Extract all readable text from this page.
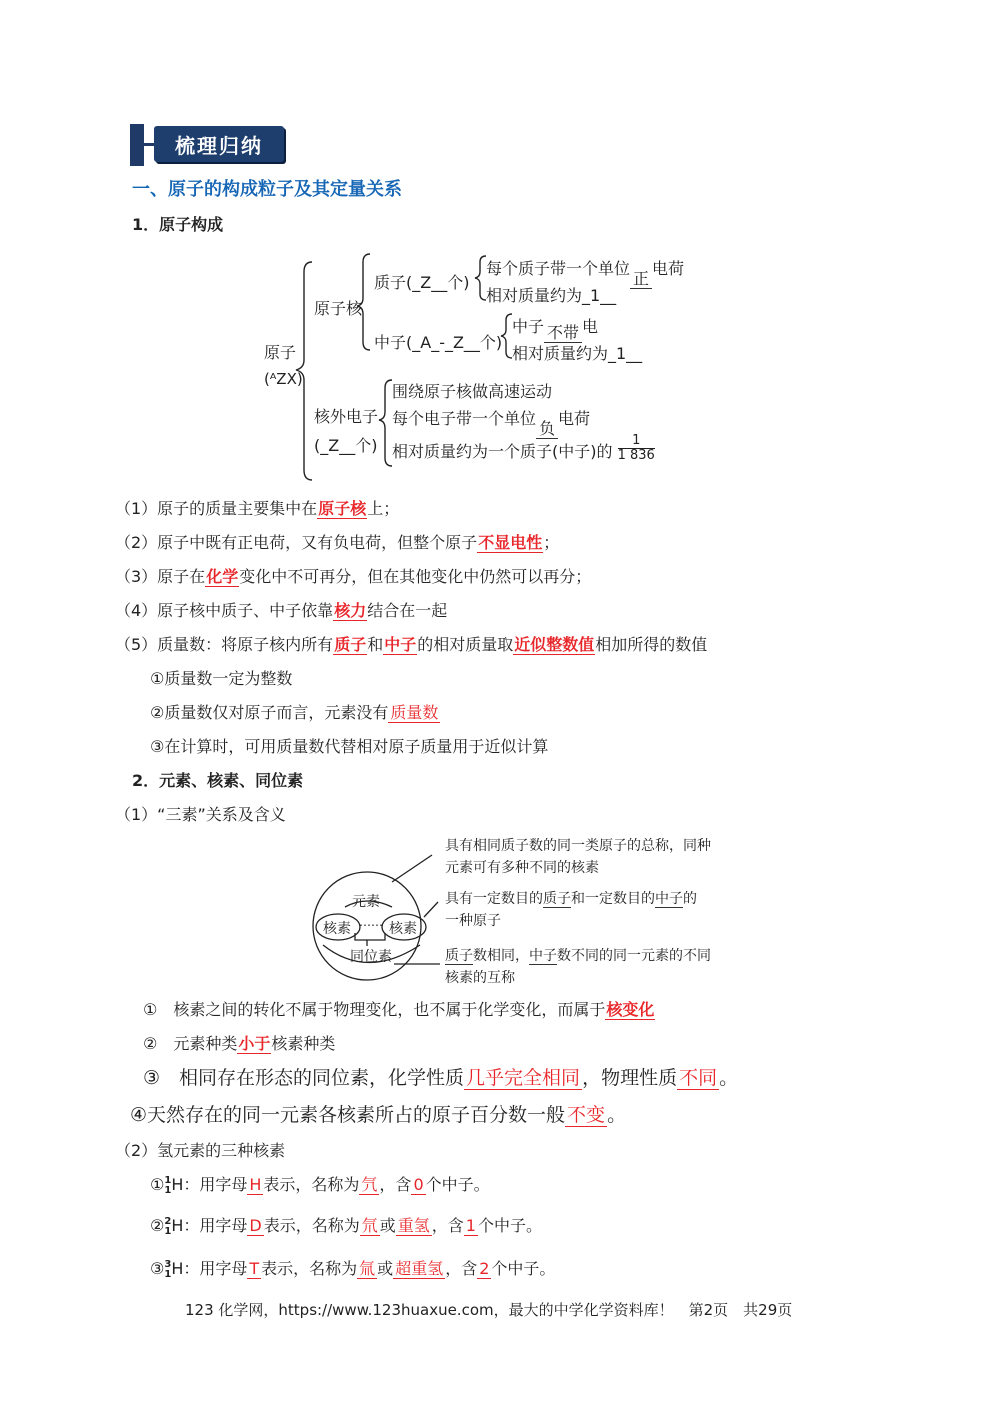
梳理归纳
一、原子的构成粒子及其定量关系
1．原子构成
原子
(ᴬZX)
原子核
质子(_Z__个)
每个质子带一个单位正电荷
相对质量约为_1__
中子(_A_-_Z__个)
中子 不带 电
相对质量约为_1__
核外电子
(_Z__个)
围绕原子核做高速运动
每个电子带一个单位负电荷
相对质量约为一个质子(中子)的 $\frac{1}{1 836}$
（1）原子的质量主要集中在原子核上；
（2）原子中既有正电荷，又有负电荷，但整个原子不显电性；
（3）原子在化学变化中不可再分，但在其他变化中仍然可以再分；
（4）原子核中质子、中子依靠核力结合在一起
（5）质量数：将原子核内所有质子和中子的相对质量取近似整数值相加所得的数值
①质量数一定为整数
②质量数仅对原子而言，元素没有 质量数
③在计算时，可用质量数代替相对原子质量用于近似计算
2．元素、核素、同位素
（1）“三素”关系及含义
元素
核素	核素
……
同位素
具有相同质子数的同一类原子的总称，同种
元素可有多种不同的核素
具有一定数目的质子和一定数目的中子的
一种原子
质子数相同，中子数不同的同一元素的不同
核素的互称
①　核素之间的转化不属于物理变化，也不属于化学变化，而属于核变化
②　元素种类小于核素种类
③　相同存在形态的同位素，化学性质 几乎完全相同 ，物理性质 不同 。
④天然存在的同一元素各核素所占的原子百分数一般 不变 。
（2）氢元素的三种核素
① 1
1 H：用字母 H 表示，名称为 氕 ，含 0 个中子。
② 2
1 H：用字母 D 表示，名称为 氘 或 重氢 ，含 1 个中子。
③ 3
1 H：用字母 T 表示，名称为 氚 或 超重氢 ，含 2 个中子。
123 化学网，https://www.123huaxue.com，最大的中学化学资料库！　第2页　共29页
